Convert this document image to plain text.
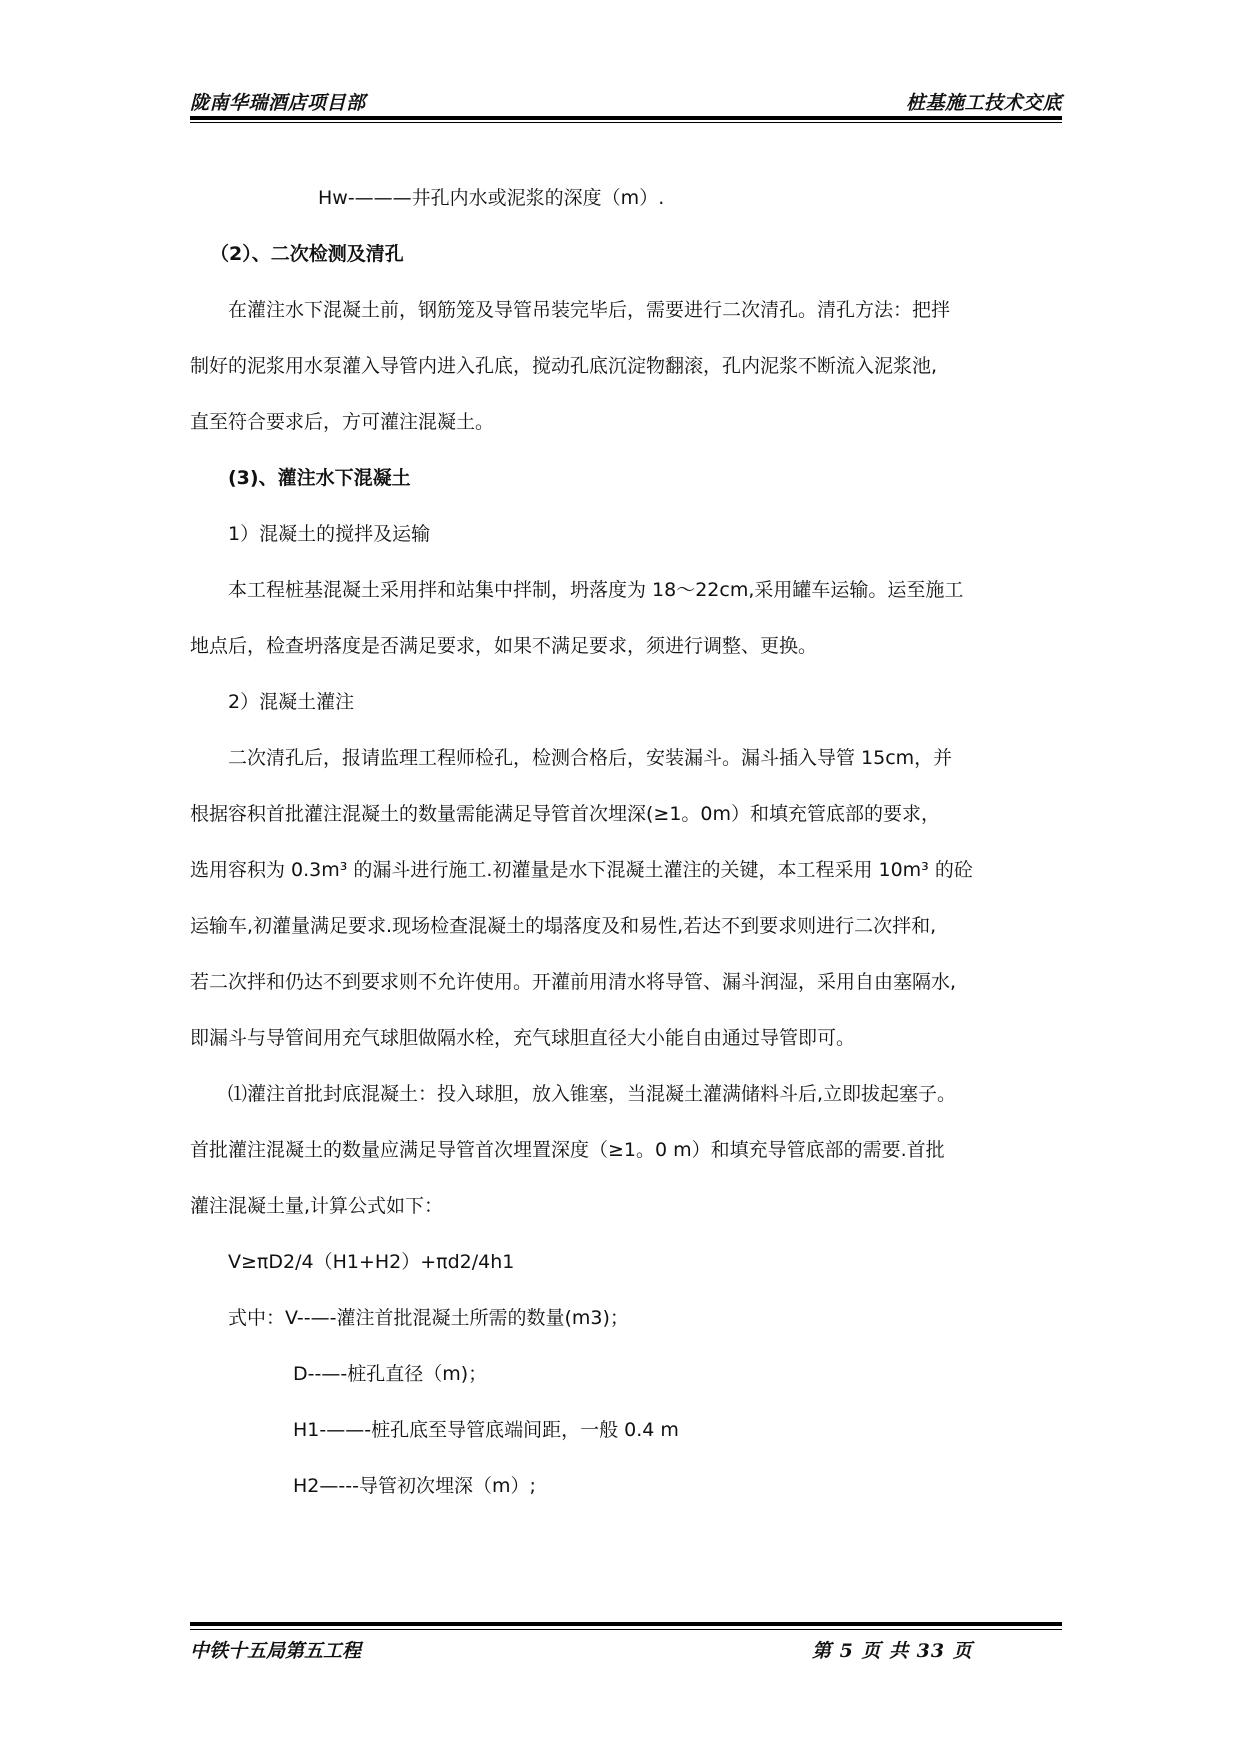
陇南华瑞酒店项目部	桩基施工技术交底
Hw-———井孔内水或泥浆的深度（m）.
（2）、二次检测及清孔
在灌注水下混凝土前，钢筋笼及导管吊装完毕后，需要进行二次清孔。清孔方法：把拌
制好的泥浆用水泵灌入导管内进入孔底，搅动孔底沉淀物翻滚，孔内泥浆不断流入泥浆池,
直至符合要求后，方可灌注混凝土。
(3)、灌注水下混凝土
1）混凝土的搅拌及运输
本工程桩基混凝土采用拌和站集中拌制，坍落度为 18～22cm,采用罐车运输。运至施工
地点后，检查坍落度是否满足要求，如果不满足要求，须进行调整、更换。
2）混凝土灌注
二次清孔后，报请监理工程师检孔，检测合格后，安装漏斗。漏斗插入导管 15cm，并
根据容积首批灌注混凝土的数量需能满足导管首次埋深(≥1。0m）和填充管底部的要求，
选用容积为 0.3m³ 的漏斗进行施工.初灌量是水下混凝土灌注的关键，本工程采用 10m³ 的砼
运输车,初灌量满足要求.现场检查混凝土的塌落度及和易性,若达不到要求则进行二次拌和,
若二次拌和仍达不到要求则不允许使用。开灌前用清水将导管、漏斗润湿，采用自由塞隔水,
即漏斗与导管间用充气球胆做隔水栓，充气球胆直径大小能自由通过导管即可。
⑴灌注首批封底混凝土：投入球胆，放入锥塞，当混凝土灌满储料斗后,立即拔起塞子。
首批灌注混凝土的数量应满足导管首次埋置深度（≥1。0 m）和填充导管底部的需要.首批
灌注混凝土量,计算公式如下：
V≥πD2/4（H1+H2）+πd2/4h1
式中：V--—-灌注首批混凝土所需的数量(m3)；
D--—-桩孔直径（m)；
H1-——-桩孔底至导管底端间距，一般 0.4 m
H2—---导管初次埋深（m）;
中铁十五局第五工程	第 5 页 共 33 页
